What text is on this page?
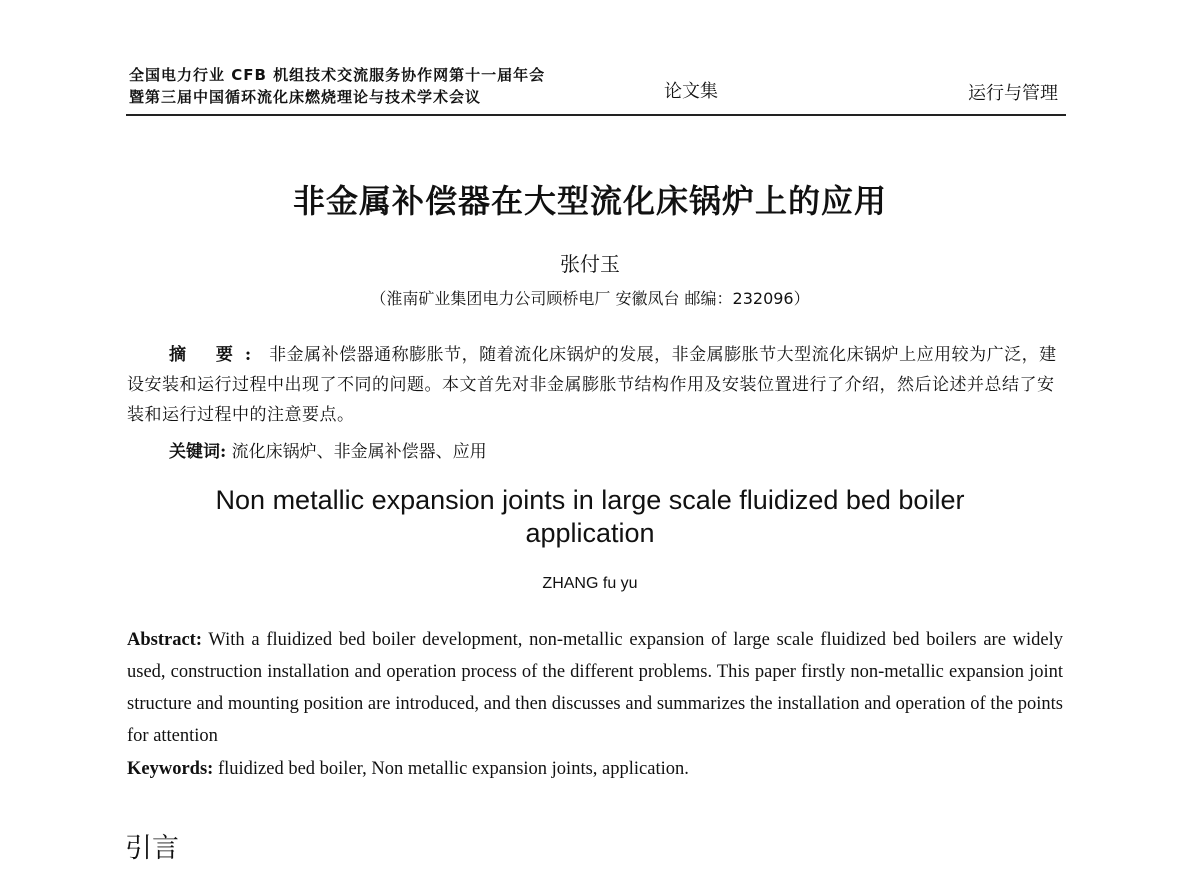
全国电力行业 CFB 机组技术交流服务协作网第十一届年会
暨第三届中国循环流化床燃烧理论与技术学术会议	论文集	运行与管理
非金属补偿器在大型流化床锅炉上的应用
张付玉
（淮南矿业集团电力公司顾桥电厂 安徽凤台 邮编：232096）
摘 要: 非金属补偿器通称膨胀节，随着流化床锅炉的发展，非金属膨胀节大型流化床锅炉上应用较为广泛，建设安装和运行过程中出现了不同的问题。本文首先对非金属膨胀节结构作用及安装位置进行了介绍，然后论述并总结了安装和运行过程中的注意要点。
关键词: 流化床锅炉、非金属补偿器、应用
Non metallic expansion joints in large scale fluidized bed boiler application
ZHANG fu yu
Abstract: With a fluidized bed boiler development, non-metallic expansion of large scale fluidized bed boilers are widely used, construction installation and operation process of the different problems. This paper firstly non-metallic expansion joint structure and mounting position are introduced, and then discusses and summarizes the installation and operation of the points for attention
Keywords: fluidized bed boiler, Non metallic expansion joints, application.
引言
